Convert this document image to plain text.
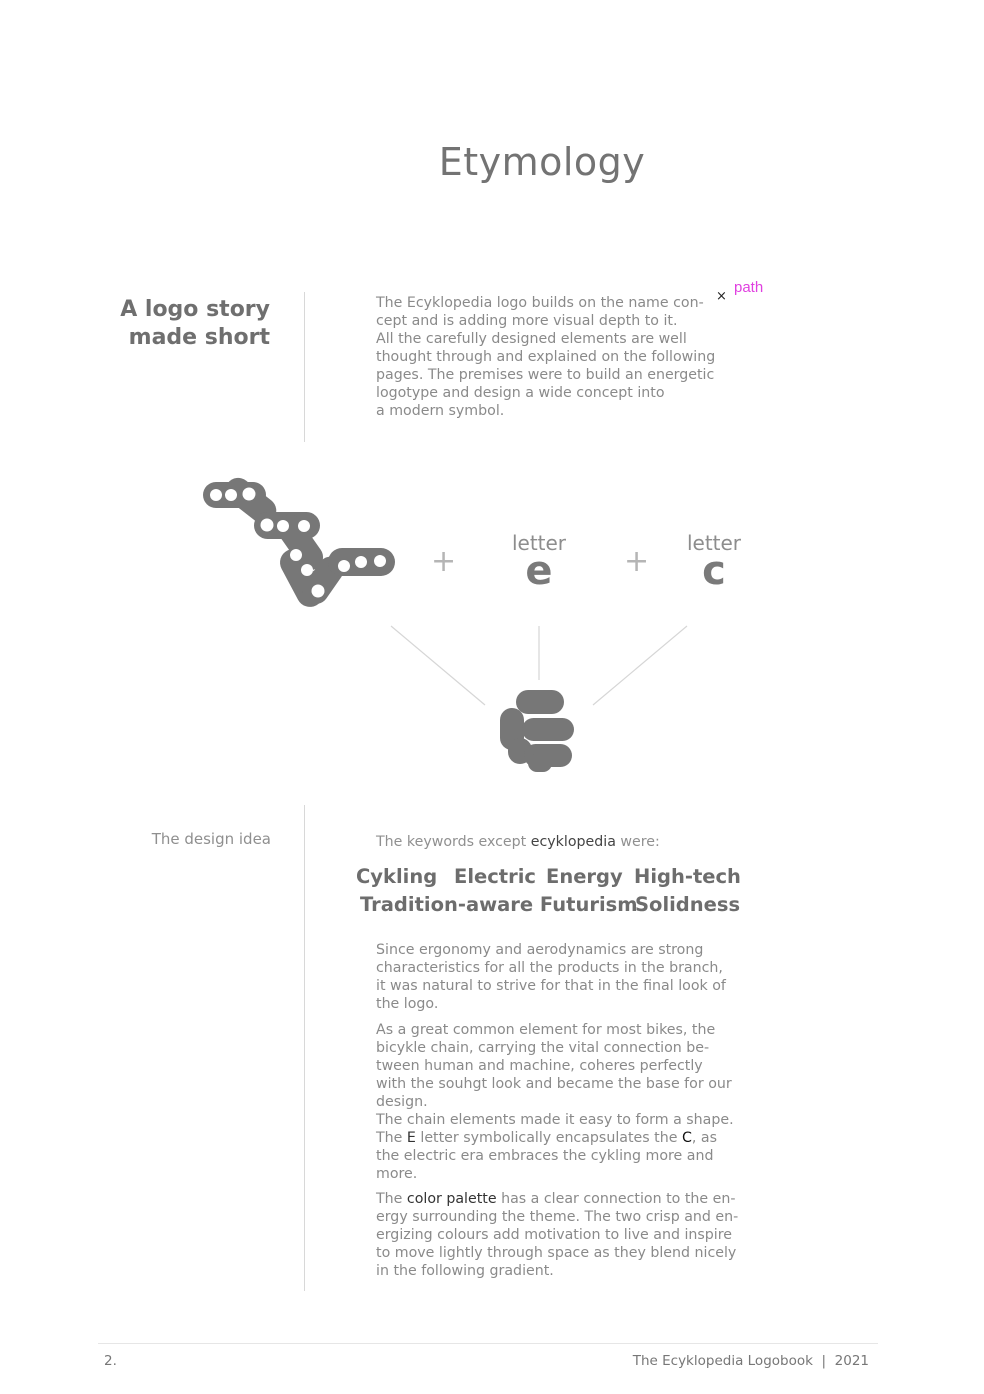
Etymology
A logo story
made short

The Ecyklopedia logo builds on the name con-

cept and is adding more visual depth to it.

All the carefully designed elements are well

thought through and explained on the following

pages. The premises were to build an energetic

logotype and design a wide concept into

a modern symbol.

×
path
+
letter
e	+
letter
c
The design idea	The keywords except ecyklopedia were:
Cykling Electric Energy High-tech
Tradition-aware Futurism
Solidness
Since ergonomy and aerodynamics are strong
characteristics for all the products in the branch,
it was natural to strive for that in the final look of
the logo.
As a great common element for most bikes, the
bicykle chain, carrying the vital connection be-
tween human and machine, coheres perfectly
with the souhgt look and became the base for our
design.
The chain elements made it easy to form a shape.
The E letter symbolically encapsulates the C, as
the electric era embraces the cykling more and
more.
The color palette has a clear connection to the en-
ergy surrounding the theme. The two crisp and en-
ergizing colours add motivation to live and inspire
to move lightly through space as they blend nicely
in the following gradient.
2.	The Ecyklopedia Logobook  |  2021
